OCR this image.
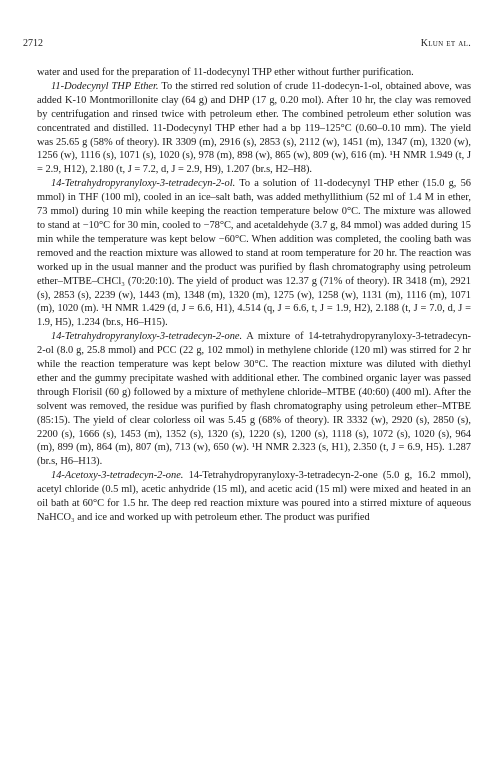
2712	Klun et al.

water and used for the preparation of 11-dodecynyl THP ether without further purification.

11-Dodecynyl THP Ether. To the stirred red solution of crude 11-dodecyn-1-ol, obtained above, was added K-10 Montmorillonite clay (64 g) and DHP (17 g, 0.20 mol). After 10 hr, the clay was removed by centrifugation and rinsed twice with petroleum ether. The combined petroleum ether solution was concentrated and distilled. 11-Dodecynyl THP ether had a bp 119–125°C (0.60–0.10 mm). The yield was 25.65 g (58% of theory). IR 3309 (m), 2916 (s), 2853 (s), 2112 (w), 1451 (m), 1347 (m), 1320 (w), 1256 (w), 1116 (s), 1071 (s), 1020 (s), 978 (m), 898 (w), 865 (w), 809 (w), 616 (m). ¹H NMR 1.949 (t, J = 2.9, H12), 2.180 (t, J = 7.2, d, J = 2.9, H9), 1.207 (br.s, H2–H8).

14-Tetrahydropyranyloxy-3-tetradecyn-2-ol. To a solution of 11-dodecynyl THP ether (15.0 g, 56 mmol) in THF (100 ml), cooled in an ice–salt bath, was added methyllithium (52 ml of 1.4 M in ether, 73 mmol) during 10 min while keeping the reaction temperature below 0°C. The mixture was allowed to stand at −10°C for 30 min, cooled to −78°C, and acetaldehyde (3.7 g, 84 mmol) was added during 15 min while the temperature was kept below −60°C. When addition was completed, the cooling bath was removed and the reaction mixture was allowed to stand at room temperature for 20 hr. The reaction was worked up in the usual manner and the product was purified by flash chromatography using petroleum ether–MTBE–CHCl₃ (70:20:10). The yield of product was 12.37 g (71% of theory). IR 3418 (m), 2921 (s), 2853 (s), 2239 (w), 1443 (m), 1348 (m), 1320 (m), 1275 (w), 1258 (w), 1131 (m), 1116 (m), 1071 (m), 1020 (m). ¹H NMR 1.429 (d, J = 6.6, H1), 4.514 (q, J = 6.6, t, J = 1.9, H2), 2.188 (t, J = 7.0, d, J = 1.9, H5), 1.234 (br.s, H6–H15).

14-Tetrahydropyranyloxy-3-tetradecyn-2-one. A mixture of 14-tetrahydropyranyloxy-3-tetradecyn-2-ol (8.0 g, 25.8 mmol) and PCC (22 g, 102 mmol) in methylene chloride (120 ml) was stirred for 2 hr while the reaction temperature was kept below 30°C. The reaction mixture was diluted with diethyl ether and the gummy precipitate washed with additional ether. The combined organic layer was passed through Florisil (60 g) followed by a mixture of methylene chloride–MTBE (40:60) (400 ml). After the solvent was removed, the residue was purified by flash chromatography using petroleum ether–MTBE (85:15). The yield of clear colorless oil was 5.45 g (68% of theory). IR 3332 (w), 2920 (s), 2850 (s), 2200 (s), 1666 (s), 1453 (m), 1352 (s), 1320 (s), 1220 (s), 1200 (s), 1118 (s), 1072 (s), 1020 (s), 964 (m), 899 (m), 864 (m), 807 (m), 713 (w), 650 (w). ¹H NMR 2.323 (s, H1), 2.350 (t, J = 6.9, H5). 1.287 (br.s, H6–H13).

14-Acetoxy-3-tetradecyn-2-one. 14-Tetrahydropyranyloxy-3-tetradecyn-2-one (5.0 g, 16.2 mmol), acetyl chloride (0.5 ml), acetic anhydride (15 ml), and acetic acid (15 ml) were mixed and heated in an oil bath at 60°C for 1.5 hr. The deep red reaction mixture was poured into a stirred mixture of aqueous NaHCO₃ and ice and worked up with petroleum ether. The product was purified
